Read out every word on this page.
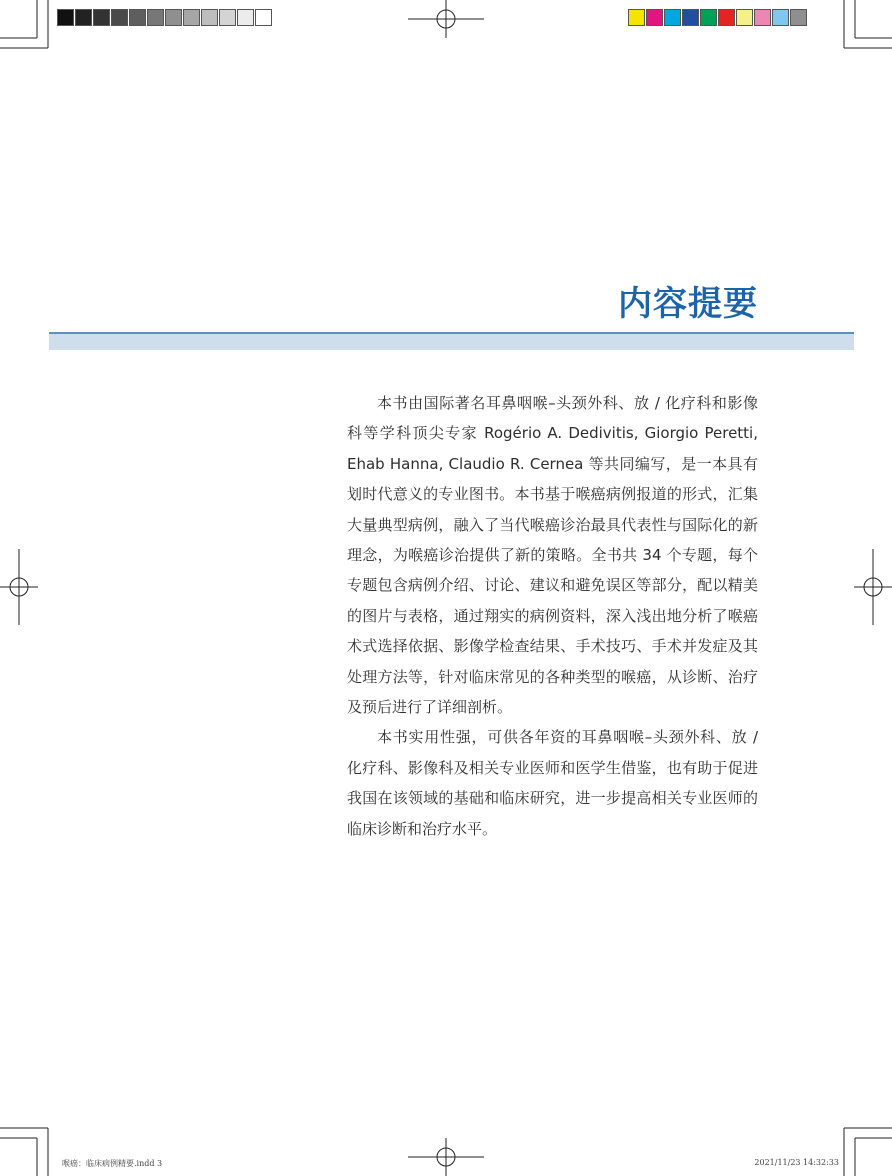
内容提要

本书由国际著名耳鼻咽喉–头颈外科、放 / 化疗科和影像科等学科顶尖专家 Rogério A. Dedivitis, Giorgio Peretti, Ehab Hanna, Claudio R. Cernea 等共同编写，是一本具有划时代意义的专业图书。本书基于喉癌病例报道的形式，汇集大量典型病例，融入了当代喉癌诊治最具代表性与国际化的新理念，为喉癌诊治提供了新的策略。全书共 34 个专题，每个专题包含病例介绍、讨论、建议和避免误区等部分，配以精美的图片与表格，通过翔实的病例资料，深入浅出地分析了喉癌术式选择依据、影像学检查结果、手术技巧、手术并发症及其处理方法等，针对临床常见的各种类型的喉癌，从诊断、治疗及预后进行了详细剖析。

本书实用性强，可供各年资的耳鼻咽喉–头颈外科、放 / 化疗科、影像科及相关专业医师和医学生借鉴，也有助于促进我国在该领域的基础和临床研究，进一步提高相关专业医师的临床诊断和治疗水平。

喉癌：临床病例精要.indd 3	2021/11/23 14:32:33
